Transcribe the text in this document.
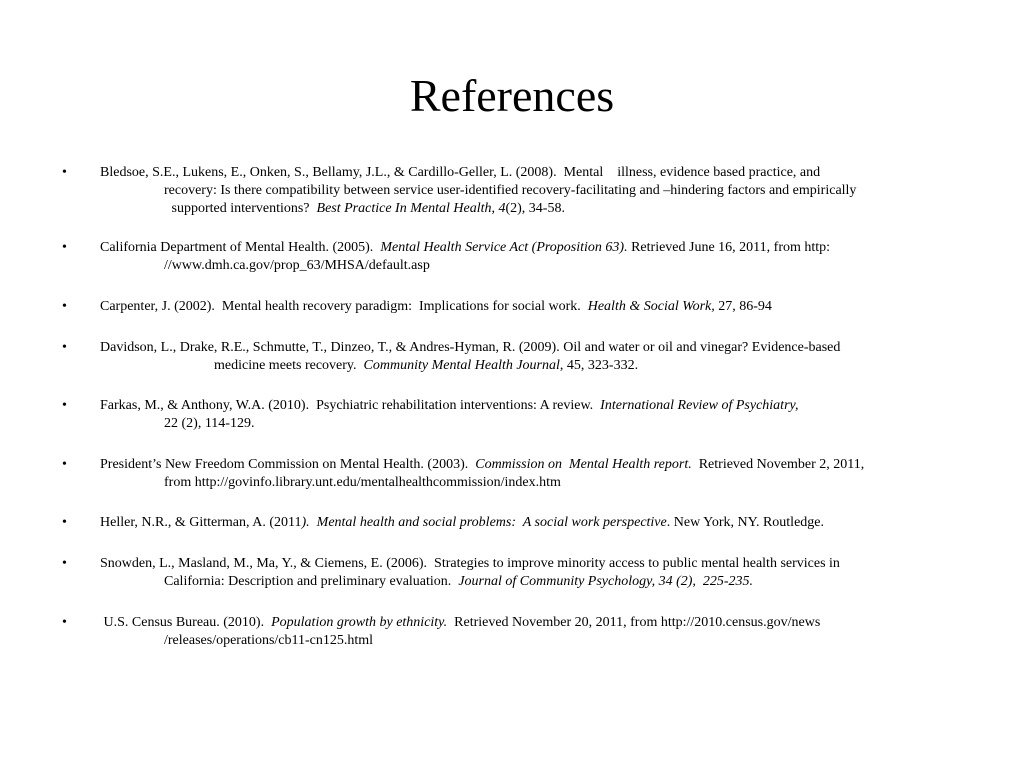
References
• Bledsoe, S.E., Lukens, E., Onken, S., Bellamy, J.L., & Cardillo-Geller, L. (2008).  Mental    illness, evidence based practice, and
recovery: Is there compatibility between service user-identified recovery-facilitating and –hindering factors and empirically
supported interventions?  Best Practice In Mental Health, 4(2), 34-58.
• California Department of Mental Health. (2005).  Mental Health Service Act (Proposition 63). Retrieved June 16, 2011, from http:
//www.dmh.ca.gov/prop_63/MHSA/default.asp
• Carpenter, J. (2002).  Mental health recovery paradigm:  Implications for social work.  Health & Social Work, 27, 86-94
• Davidson, L., Drake, R.E., Schmutte, T., Dinzeo, T., & Andres-Hyman, R. (2009). Oil and water or oil and vinegar? Evidence-based
medicine meets recovery.  Community Mental Health Journal, 45, 323-332.
• Farkas, M., & Anthony, W.A. (2010).  Psychiatric rehabilitation interventions: A review.  International Review of Psychiatry,
22 (2), 114-129.
• President’s New Freedom Commission on Mental Health. (2003).  Commission on  Mental Health report.  Retrieved November 2, 2011,
from http://govinfo.library.unt.edu/mentalhealthcommission/index.htm
• Heller, N.R., & Gitterman, A. (2011).  Mental health and social problems:  A social work perspective. New York, NY. Routledge.
• Snowden, L., Masland, M., Ma, Y., & Ciemens, E. (2006).  Strategies to improve minority access to public mental health services in
California: Description and preliminary evaluation.  Journal of Community Psychology, 34 (2),  225-235.
• U.S. Census Bureau. (2010).  Population growth by ethnicity.  Retrieved November 20, 2011, from http://2010.census.gov/news
/releases/operations/cb11-cn125.html
